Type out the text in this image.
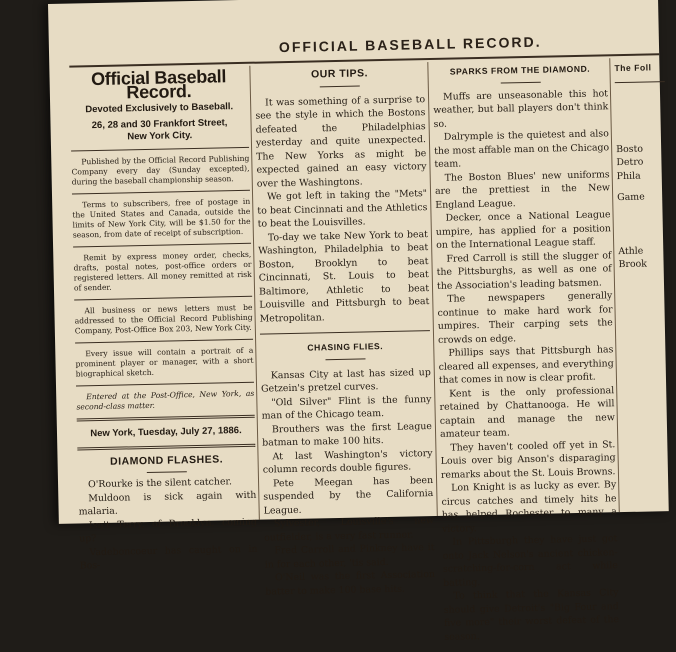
OFFICIAL BASEBALL RECORD.
Official Baseball Record.
Devoted Exclusively to Baseball.
26, 28 and 30 Frankfort Street,
New York City.

Published by the Official Record Publishing Company every day (Sunday excepted), during the baseball championship season.

Terms to subscribers, free of postage in the United States and Canada, outside the limits of New York City, will be $1.50 for the season, from date of receipt of subscription.

Remit by express money order, checks, drafts, postal notes, post-office orders or registered letters. All money remitted at risk of sender.

All business or news letters must be addressed to the Official Record Publishing Company, Post-Office Box 203, New York City.

Every issue will contain a portrait of a prominent player or manager, with a short biographical sketch.

Entered at the Post-Office, New York, as second-class matter.

New York, Tuesday, July 27, 1886.
DIAMOND FLASHES.

O'Rourke is the silent catcher.

Muldoon is sick again with malaria.

Isn't Terry, of Brooklyn, coming up?

Vadeboncoeur has caught on in Bos-

OUR TIPS.

It was something of a surprise to see the style in which the Bostons defeated the Philadelphias yesterday and quite unexpected. The New Yorks as might be expected gained an easy victory over the Washingtons.

We got left in taking the "Mets" to beat Cincinnati and the Athletics to beat the Louisvilles.

To-day we take New York to beat Washington, Philadelphia to beat Boston, Brooklyn to beat Cincinnati, St. Louis to beat Baltimore, Athletic to beat Louisville and Pittsburgh to beat Metropolitan.

CHASING FLIES.

Kansas City at last has sized up Getzein's pretzel curves.

"Old Silver" Flint is the funny man of the Chicago team.

Brouthers was the first League batman to make 100 hits.

At last Washington's victory column records double figures.

Pete Meegan has been suspended by the California League.

Sylvester, Louisville's new outfielder, is a very fast runner.

Fred Carroll and Pinkney have it in for each other, 'tis said.

O'Neil was the first Association batter to make 100 base hits.

SPARKS FROM THE DIAMOND.

Muffs are unseasonable this hot weather, but ball players don't think so.

Dalrymple is the quietest and also the most affable man on the Chicago team.

The Boston Blues' new uniforms are the prettiest in the New England League.

Decker, once a National League umpire, has applied for a position on the International League staff.

Fred Carroll is still the slugger of the Pittsburghs, as well as one of the Association's leading batsmen.

The newspapers generally continue to make hard work for umpires. Their carping sets the crowds on edge.

Phillips says that Pittsburgh has cleared all expenses, and everything that comes in now is clear profit.

Kent is the only professional retained by Chattanooga. He will captain and manage the new amateur team.

They haven't cooled off yet in St. Louis over big Anson's disparaging remarks about the St. Louis Browns.

Lon Knight is as lucky as ever. By circus catches and timely hits he has helped Rochester to many a victory.

In Pittsburgh they have just got onto Jack Nelson's ancient chicken-scratching-for-corn act while batting.

To think that the Kansas City should give Detroit's "Big Four and five more" their worst defeat of the season.

The Foll

Bosto

Detro

Phila

Game

Athle

Brook
